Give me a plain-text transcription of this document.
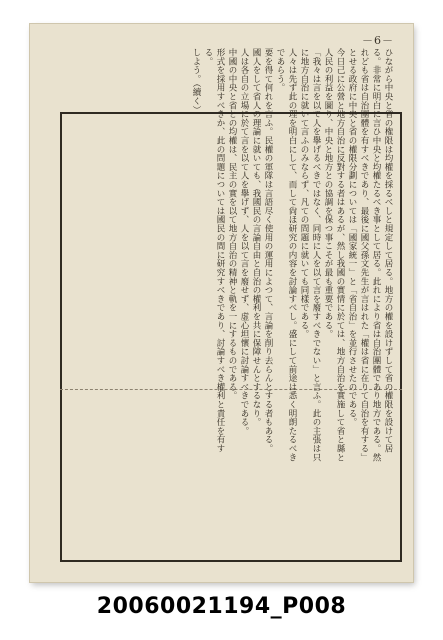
－6－

ひながら中央と省の権限は均權を採るべしと規定して居る。地方の權を設けずして省の權限を設けて居る。非常に明白に言ひ中央と均權たるべき事として居る。此れにより省は自治團體であり地方である。然れども省は自治團體を有すべきであり、最後に國父孫文先生が言はれた「權は省に在りて自治を有する」とせる政府に中央と省の權限分劃については「國家統一」と「省自治」を並行させたのである。

今日己に公營と地方自治に反對する者はあるが、然し我國の實情に於ては、地方自治を實施して省と縣と人民の利益を圖り、中央と地方との協調を保つ事こそが最も重要である。

「我々は言を以て人を擧げるべきではなく、同時に人を以て言を廢すべきでない」と言ふ。此の主張は只に地方自治に就いて言ふのみならず、凡ての問題に就いても同樣である。

人々は先ず此の理を明白にして、而して尙ほ研究の内容を討論すべし。盛にして前途は悉く明朗たるべきであらう。

要を得て何れを言ふ。民權の軍隊は言語尽く使用の運用によつて、言論を削り去らんとする者もある。

國人をして省人の理論に就いても、我國民の言論自由と自治の權利を共に保障せんとするなり。

人は各自の立場に於て言を以て人を擧げず、人を以て言を廢せず、虚心坦懷に討論すべきである。

中國の中央と省との均權は、民主の實を以て地方自治の精神と軌を一にするものである。

形式を採用すべきか、此の問題については國民の間に研究すべきであり、討論すべき權利と責任を有する。

しよう。（續く）

20060021194_P008
